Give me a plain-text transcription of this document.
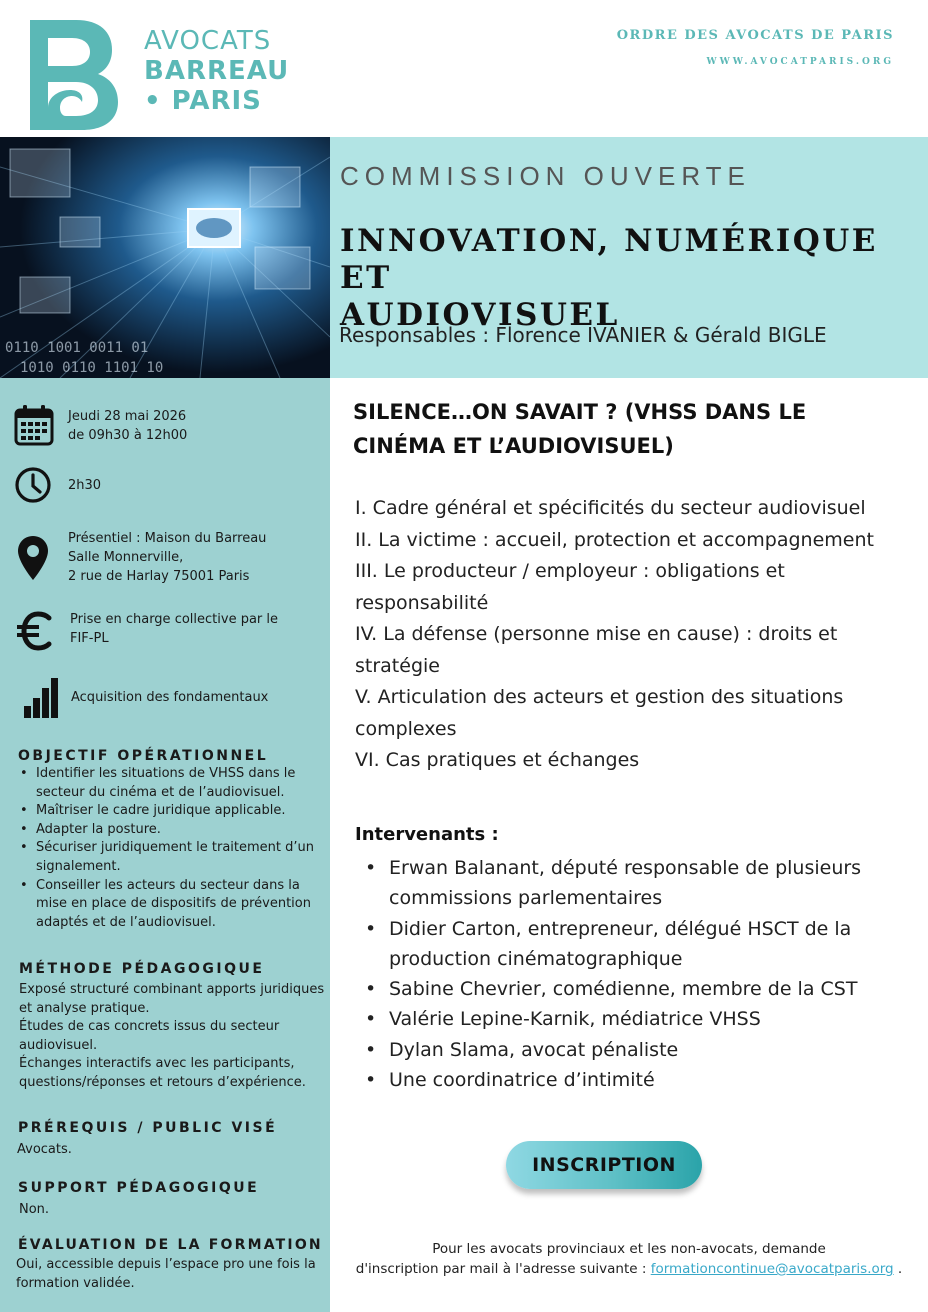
AVOCATS
BARREAU
• PARIS
ORDRE DES AVOCATS DE PARIS
WWW.AVOCATPARIS.ORG
0110 1001 0011 01
1010 0110 1101 10
COMMISSION OUVERTE
INNOVATION, NUMÉRIQUE ET
AUDIOVISUEL
Responsables : Florence IVANIER & Gérald BIGLE
Jeudi 28 mai 2026
de 09h30 à 12h00
2h30
Présentiel : Maison du Barreau
Salle Monnerville,
2 rue de Harlay 75001 Paris
Prise en charge collective par le
FIF-PL
Acquisition des fondamentaux
OBJECTIF OPÉRATIONNEL
• Identifier les situations de VHSS dans le secteur du cinéma et de l’audiovisuel.
• Maîtriser le cadre juridique applicable.
• Adapter la posture.
• Sécuriser juridiquement le traitement d’un signalement.
• Conseiller les acteurs du secteur dans la mise en place de dispositifs de prévention adaptés et de l’audiovisuel.
MÉTHODE PÉDAGOGIQUE
Exposé structuré combinant apports juridiques et analyse pratique.
Études de cas concrets issus du secteur audiovisuel.
Échanges interactifs avec les participants, questions/réponses et retours d’expérience.
PRÉREQUIS / PUBLIC VISÉ
Avocats.
SUPPORT PÉDAGOGIQUE
Non.
ÉVALUATION DE LA FORMATION
Oui, accessible depuis l’espace pro une fois la formation validée.
SILENCE…ON SAVAIT ? (VHSS DANS LE
CINÉMA ET L’AUDIOVISUEL)
I. Cadre général et spécificités du secteur audiovisuel
II. La victime : accueil, protection et accompagnement
III. Le producteur / employeur : obligations et responsabilité
IV. La défense (personne mise en cause) : droits et stratégie
V. Articulation des acteurs et gestion des situations complexes
VI. Cas pratiques et échanges
Intervenants :
• Erwan Balanant, député responsable de plusieurs commissions parlementaires
• Didier Carton, entrepreneur, délégué HSCT de la production cinématographique
• Sabine Chevrier, comédienne, membre de la CST
• Valérie Lepine-Karnik, médiatrice VHSS
• Dylan Slama, avocat pénaliste
• Une coordinatrice d’intimité
INSCRIPTION
Pour les avocats provinciaux et les non-avocats, demande
d'inscription par mail à l'adresse suivante : formationcontinue@avocatparis.org .
